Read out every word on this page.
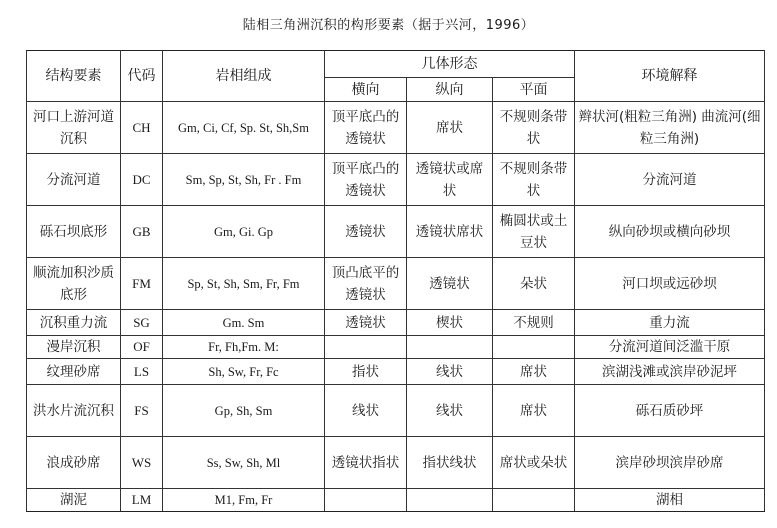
陆相三角洲沉积的构形要素（据于兴河，1996）
结构要素	代码	岩相组成	几体形态			环境解释
			横向	纵向	平面	
河口上游河道沉积	CH	Gm, Ci, Cf, Sp. St, Sh,Sm	顶平底凸的透镜状	席状	不规则条带状	辫状河(粗粒三角洲) 曲流河(细粒三角洲)
分流河道	DC	Sm, Sp, St, Sh, Fr . Fm	顶平底凸的透镜状	透镜状或席状	不规则条带状	分流河道
砾石坝底形	GB	Gm, Gi. Gp	透镜状	透镜状席状	椭圆状或土豆状	纵向砂坝或横向砂坝
顺流加积沙质底形	FM	Sp, St, Sh, Sm, Fr, Fm	顶凸底平的透镜状	透镜状	朵状	河口坝或远砂坝
沉积重力流	SG	Gm. Sm	透镜状	楔状	不规则	重力流
漫岸沉积	OF	Fr, Fh,Fm. M:				分流河道间泛滥干原
纹理砂席	LS	Sh, Sw, Fr, Fc	指状	线状	席状	滨湖浅滩或滨岸砂泥坪
洪水片流沉积	FS	Gp, Sh, Sm	线状	线状	席状	砾石质砂坪
浪成砂席	WS	Ss, Sw, Sh, Ml	透镜状指状	指状线状	席状或朵状	滨岸砂坝滨岸砂席
湖泥	LM	M1, Fm, Fr				湖相
